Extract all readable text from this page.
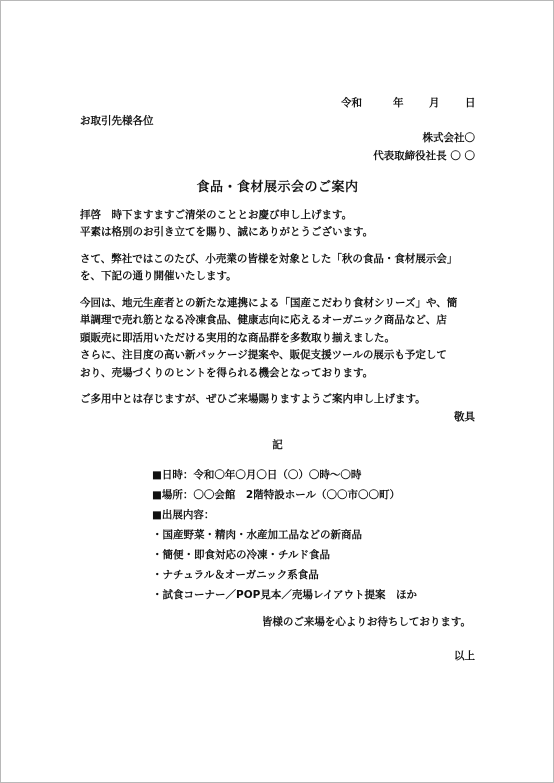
令和	年	月	日
お取引先様各位
株式会社〇
代表取締役社長 〇 〇
食品・食材展示会のご案内
拝啓　時下ますますご清栄のこととお慶び申し上げます。
平素は格別のお引き立てを賜り、誠にありがとうございます。
さて、弊社ではこのたび、小売業の皆様を対象とした「秋の食品・食材展示会」
を、下記の通り開催いたします。
今回は、地元生産者との新たな連携による「国産こだわり食材シリーズ」や、簡
単調理で売れ筋となる冷凍食品、健康志向に応えるオーガニック商品など、店
頭販売に即活用いただける実用的な商品群を多数取り揃えました。
さらに、注目度の高い新パッケージ提案や、販促支援ツールの展示も予定して
おり、売場づくりのヒントを得られる機会となっております。
ご多用中とは存じますが、ぜひご来場賜りますようご案内申し上げます。
敬具
記
■日時：令和〇年〇月〇日（〇）〇時～〇時
■場所：〇〇会館　2階特設ホール（〇〇市〇〇町）
■出展内容：
・国産野菜・精肉・水産加工品などの新商品
・簡便・即食対応の冷凍・チルド食品
・ナチュラル＆オーガニック系食品
・試食コーナー／POP見本／売場レイアウト提案　ほか
皆様のご来場を心よりお待ちしております。
以上
